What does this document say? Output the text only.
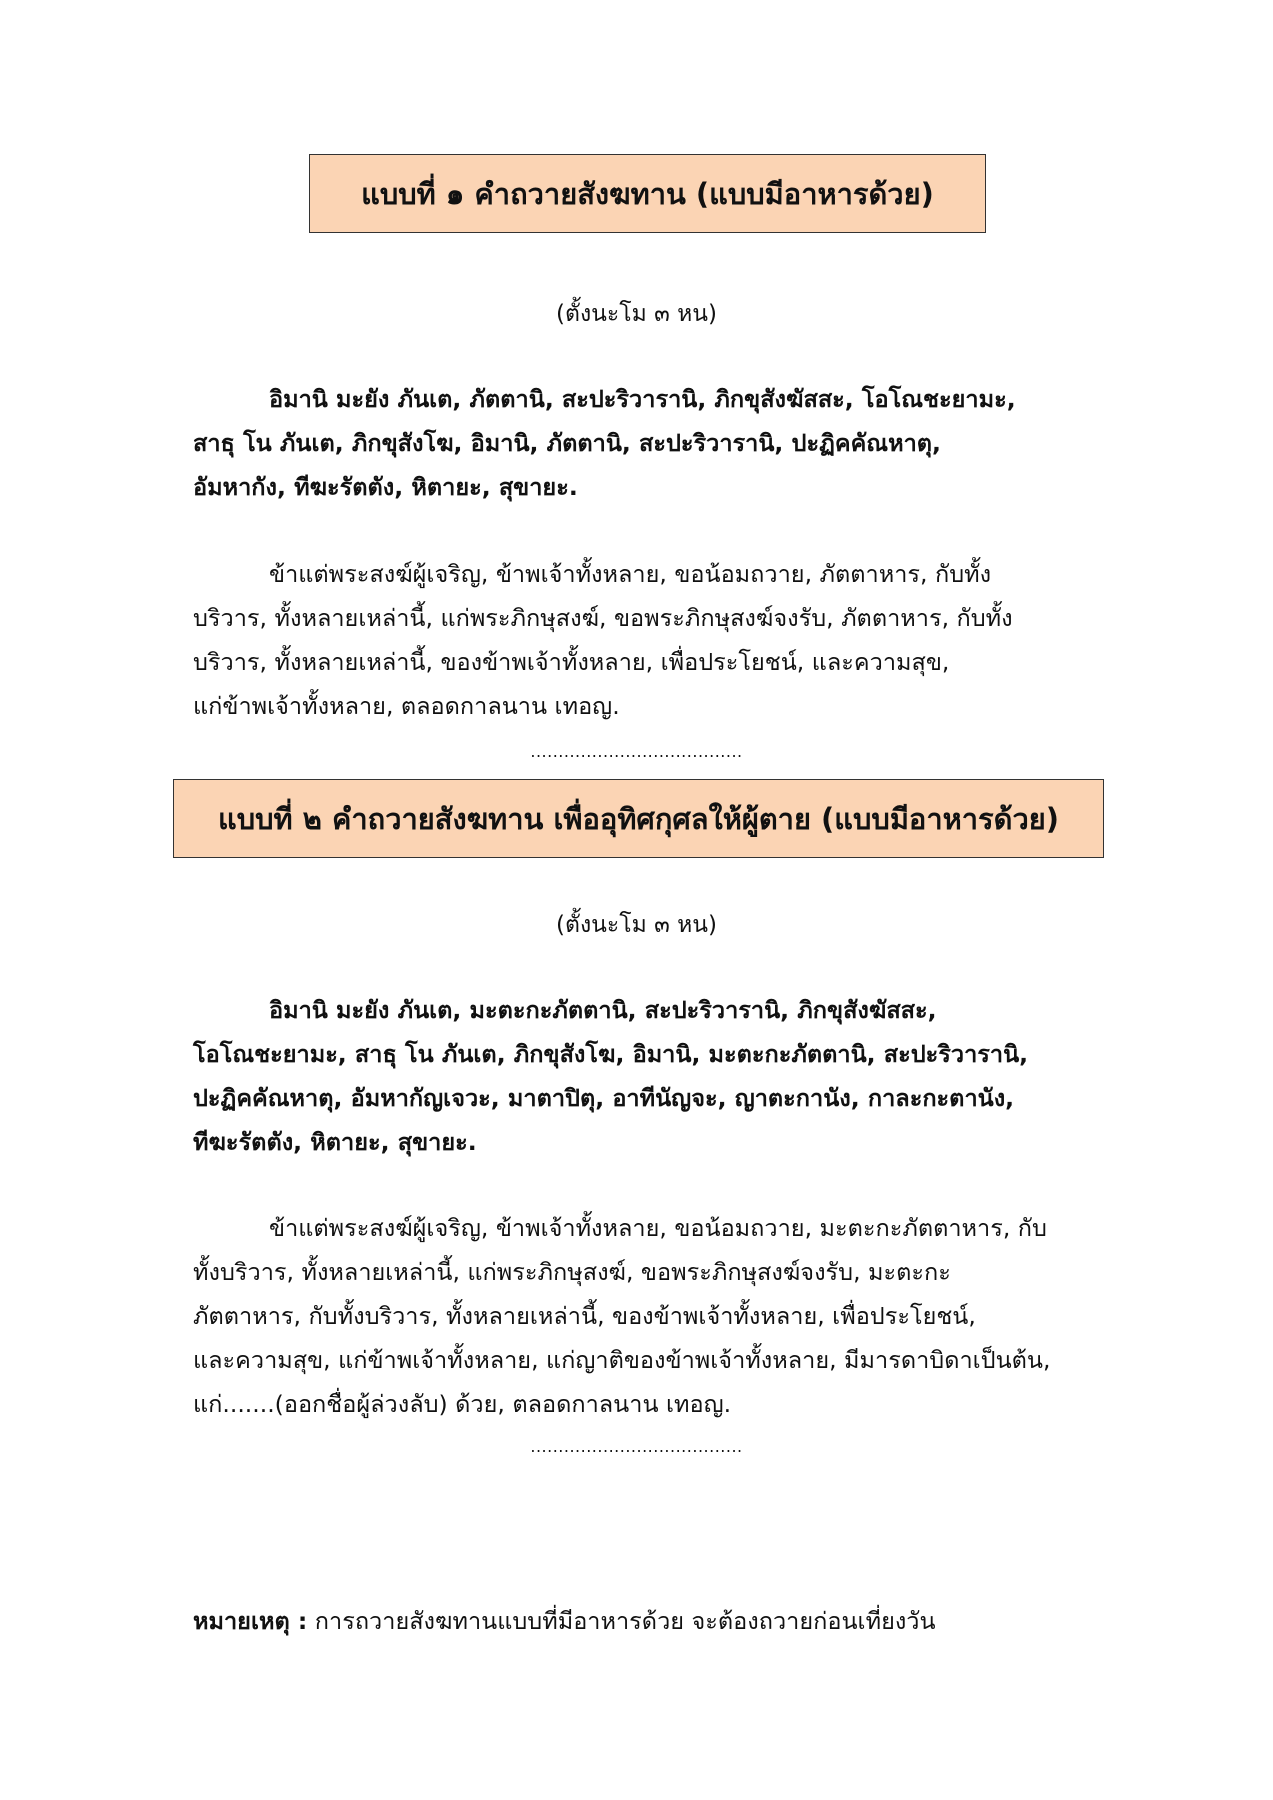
แบบที่ ๑ คำถวายสังฆทาน (แบบมีอาหารด้วย)
(ตั้งนะโม ๓ หน)
อิมานิ มะยัง ภันเต, ภัตตานิ, สะปะริวารานิ, ภิกขุสังฆัสสะ, โอโณชะยามะ,
สาธุ โน ภันเต, ภิกขุสังโฆ, อิมานิ, ภัตตานิ, สะปะริวารานิ, ปะฏิคคัณหาตุ,
อัมหากัง, ทีฆะรัตตัง, หิตายะ, สุขายะ.
ข้าแต่พระสงฆ์ผู้เจริญ, ข้าพเจ้าทั้งหลาย, ขอน้อมถวาย, ภัตตาหาร, กับทั้ง
บริวาร, ทั้งหลายเหล่านี้, แก่พระภิกษุสงฆ์, ขอพระภิกษุสงฆ์จงรับ, ภัตตาหาร, กับทั้ง
บริวาร, ทั้งหลายเหล่านี้, ของข้าพเจ้าทั้งหลาย, เพื่อประโยชน์, และความสุข,
แก่ข้าพเจ้าทั้งหลาย, ตลอดกาลนาน เทอญ.
......................................
แบบที่ ๒ คำถวายสังฆทาน เพื่ออุทิศกุศลให้ผู้ตาย (แบบมีอาหารด้วย)
(ตั้งนะโม ๓ หน)
อิมานิ มะยัง ภันเต, มะตะกะภัตตานิ, สะปะริวารานิ, ภิกขุสังฆัสสะ,
โอโณชะยามะ, สาธุ โน ภันเต, ภิกขุสังโฆ, อิมานิ, มะตะกะภัตตานิ, สะปะริวารานิ,
ปะฏิคคัณหาตุ, อัมหากัญเจวะ, มาตาปิตุ, อาทีนัญจะ, ญาตะกานัง, กาละกะตานัง,
ทีฆะรัตตัง, หิตายะ, สุขายะ.
ข้าแต่พระสงฆ์ผู้เจริญ, ข้าพเจ้าทั้งหลาย, ขอน้อมถวาย, มะตะกะภัตตาหาร, กับ
ทั้งบริวาร, ทั้งหลายเหล่านี้, แก่พระภิกษุสงฆ์, ขอพระภิกษุสงฆ์จงรับ, มะตะกะ
ภัตตาหาร, กับทั้งบริวาร, ทั้งหลายเหล่านี้, ของข้าพเจ้าทั้งหลาย, เพื่อประโยชน์,
และความสุข, แก่ข้าพเจ้าทั้งหลาย, แก่ญาติของข้าพเจ้าทั้งหลาย, มีมารดาบิดาเป็นต้น,
แก่.......(ออกชื่อผู้ล่วงลับ) ด้วย, ตลอดกาลนาน เทอญ.
......................................
หมายเหตุ : การถวายสังฆทานแบบที่มีอาหารด้วย จะต้องถวายก่อนเที่ยงวัน
